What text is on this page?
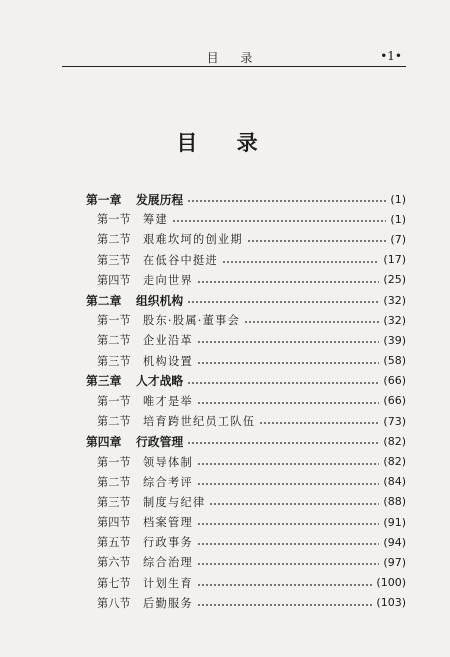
目 录	•1•
目 录
第一章	发展历程	(1)
第一节	筹建	(1)
第二节	艰难坎坷的创业期	(7)
第三节	在低谷中挺进	(17)
第四节	走向世界	(25)
第二章	组织机构	(32)
第一节	股东·股属·董事会	(32)
第二节	企业沿革	(39)
第三节	机构设置	(58)
第三章	人才战略	(66)
第一节	唯才是举	(66)
第二节	培育跨世纪员工队伍	(73)
第四章	行政管理	(82)
第一节	领导体制	(82)
第二节	综合考评	(84)
第三节	制度与纪律	(88)
第四节	档案管理	(91)
第五节	行政事务	(94)
第六节	综合治理	(97)
第七节	计划生育	(100)
第八节	后勤服务	(103)
